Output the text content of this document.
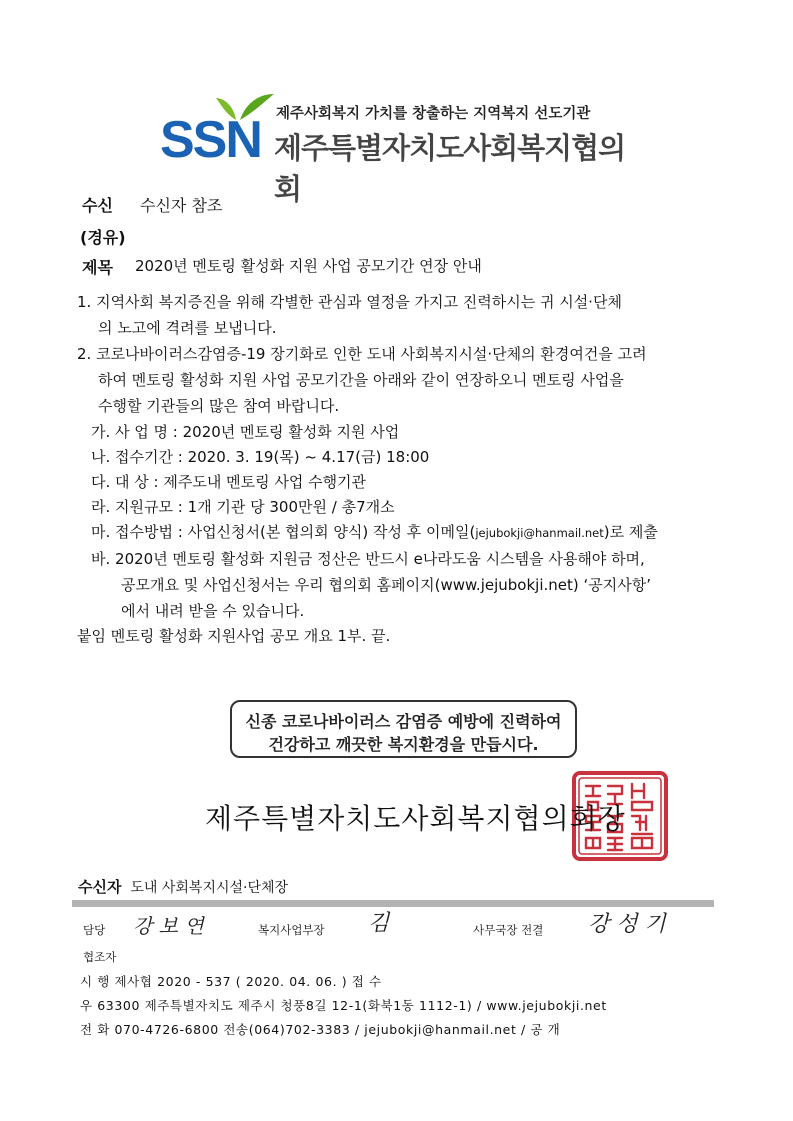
SSN 제주사회복지 가치를 창출하는 지역복지 선도기관
제주특별자치도사회복지협의회
수신 수신자 참조
(경유)
제목 2020년 멘토링 활성화 지원 사업 공모기간 연장 안내
1. 지역사회 복지증진을 위해 각별한 관심과 열정을 가지고 진력하시는 귀 시설·단체
의 노고에 격려를 보냅니다.
2. 코로나바이러스감염증-19 장기화로 인한 도내 사회복지시설·단체의 환경여건을 고려
하여 멘토링 활성화 지원 사업 공모기간을 아래와 같이 연장하오니 멘토링 사업을
수행할 기관들의 많은 참여 바랍니다.
가. 사 업 명 : 2020년 멘토링 활성화 지원 사업
나. 접수기간 : 2020. 3. 19(목) ~ 4.17(금) 18:00
다. 대 상 : 제주도내 멘토링 사업 수행기관
라. 지원규모 : 1개 기관 당 300만원 / 총7개소
마. 접수방법 : 사업신청서(본 협의회 양식) 작성 후 이메일(jejubokji@hanmail.net)로 제출
바. 2020년 멘토링 활성화 지원금 정산은 반드시 e나라도움 시스템을 사용해야 하며,
공모개요 및 사업신청서는 우리 협의회 홈페이지(www.jejubokji.net) ‘공지사항’
에서 내려 받을 수 있습니다.
붙임 멘토링 활성화 지원사업 공모 개요 1부. 끝.
신종 코로나바이러스 감염증 예방에 진력하여
건강하고 깨끗한 복지환경을 만듭시다.
제주특별자치도사회복지협의회장
수신자 도내 사회복지시설·단체장
담당 강 보 연	복지사업부장 김	사무국장 전결 강 성 기
협조자
시 행 제사협 2020 - 537 ( 2020. 04. 06. ) 접 수
우 63300 제주특별자치도 제주시 청풍8길 12-1(화북1동 1112-1) / www.jejubokji.net
전 화 070-4726-6800 전송(064)702-3383 / jejubokji@hanmail.net / 공 개
